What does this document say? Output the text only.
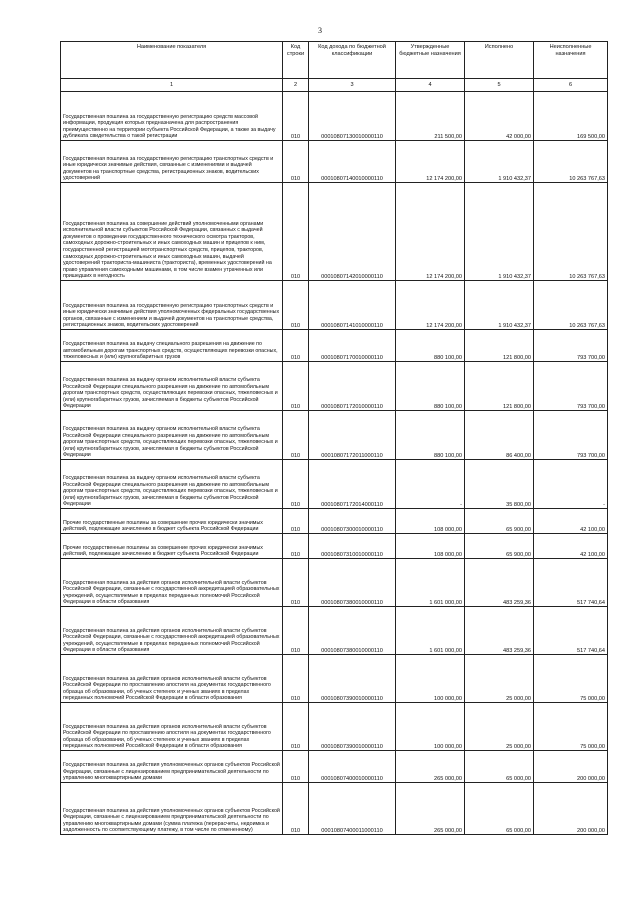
3
Наименование показателя	Код строки	Код дохода по бюджетной классификации	Утвержденные бюджетные назначения	Исполнено	Неисполненные назначения
1	2	3	4	5	6
Государственная пошлина за государственную регистрацию средств массовой информации, продукция которых предназначена для распространения преимущественно на территории субъекта Российской Федерации, а также за выдачу дубликата свидетельства о такой регистрации	010	00010807130010000110	211 500,00	42 000,00	169 500,00
Государственная пошлина за государственную регистрацию транспортных средств и иные юридически значимые действия, связанные с изменениями и выдачей документов на транспортные средства, регистрационных знаков, водительских удостоверений	010	00010807140010000110	12 174 200,00	1 910 432,37	10 263 767,63
Государственная пошлина за совершение действий уполномоченными органами исполнительной власти субъектов Российской Федерации, связанных с выдачей документов о проведении государственного технического осмотра тракторов, самоходных дорожно-строительных и иных самоходных машин и прицепов к ним, государственной регистрацией мототранспортных средств, прицепов, тракторов, самоходных дорожно-строительных и иных самоходных машин, выдачей удостоверений тракториста-машиниста (тракториста), временных удостоверений на право управления самоходными машинами, в том числе взамен утраченных или пришедших в негодность	010	00010807142010000110	12 174 200,00	1 910 432,37	10 263 767,63
Государственная пошлина за государственную регистрацию транспортных средств и иные юридически значимые действия уполномоченных федеральных государственных органов, связанные с изменением и выдачей документов на транспортные средства, регистрационных знаков, водительских удостоверений	010	00010807141010000110	12 174 200,00	1 910 432,37	10 263 767,63
Государственная пошлина за выдачу специального разрешения на движение по автомобильным дорогам транспортных средств, осуществляющих перевозки опасных, тяжеловесных и (или) крупногабаритных грузов	010	00010807170010000110	880 100,00	121 800,00	793 700,00
Государственная пошлина за выдачу органом исполнительной власти субъекта Российской Федерации специального разрешения на движение по автомобильным дорогам транспортных средств, осуществляющих перевозки опасных, тяжеловесных и (или) крупногабаритных грузов, зачисляемая в бюджеты субъектов Российской Федерации	010	00010807172010000110	880 100,00	121 800,00	793 700,00
Государственная пошлина за выдачу органом исполнительной власти субъекта Российской Федерации специального разрешения на движение по автомобильным дорогам транспортных средств, осуществляющих перевозки опасных, тяжеловесных и (или) крупногабаритных грузов, зачисляемая в бюджеты субъектов Российской Федерации	010	00010807172011000110	880 100,00	86 400,00	793 700,00
Государственная пошлина за выдачу органом исполнительной власти субъекта Российской Федерации специального разрешения на движение по автомобильным дорогам транспортных средств, осуществляющих перевозки опасных, тяжеловесных и (или) крупногабаритных грузов, зачисляемая в бюджеты субъектов Российской Федерации	010	00010807172014000110	-	35 800,00	-
Прочие государственные пошлины за совершение прочих юридически значимых действий, подлежащие зачислению в бюджет субъекта Российской Федерации	010	00010807300010000110	108 000,00	65 900,00	42 100,00
Прочие государственные пошлины за совершение прочих юридически значимых действий, подлежащие зачислению в бюджет субъекта Российской Федерации	010	00010807310010000110	108 000,00	65 900,00	42 100,00
Государственная пошлина за действия органов исполнительной власти субъектов Российской Федерации, связанные с государственной аккредитацией образовательных учреждений, осуществляемые в пределах переданных полномочий Российской Федерации в области образования	010	00010807380010000110	1 601 000,00	483 259,36	517 740,64
Государственная пошлина за действия органов исполнительной власти субъектов Российской Федерации, связанные с государственной аккредитацией образовательных учреждений, осуществляемые в пределах переданных полномочий Российской Федерации в области образования	010	00010807380010000110	1 601 000,00	483 259,36	517 740,64
Государственная пошлина за действия органов исполнительной власти субъектов Российской Федерации по проставлению апостиля на документах государственного образца об образовании, об ученых степенях и ученых званиях в пределах переданных полномочий Российской Федерации в области образования	010	00010807390010000110	100 000,00	25 000,00	75 000,00
Государственная пошлина за действия органов исполнительной власти субъектов Российской Федерации по проставлению апостиля на документах государственного образца об образовании, об ученых степенях и ученых званиях в пределах переданных полномочий Российской Федерации в области образования	010	00010807390010000110	100 000,00	25 000,00	75 000,00
Государственная пошлина за действия уполномоченных органов субъектов Российской Федерации, связанные с лицензированием предпринимательской деятельности по управлению многоквартирными домами	010	00010807400010000110	265 000,00	65 000,00	200 000,00
Государственная пошлина за действия уполномоченных органов субъектов Российской Федерации, связанные с лицензированием предпринимательской деятельности по управлению многоквартирными домами (сумма платежа (перерасчеты, недоимка и задолженность по соответствующему платежу, в том числе по отмененному)	010	00010807400011000110	265 000,00	65 000,00	200 000,00
